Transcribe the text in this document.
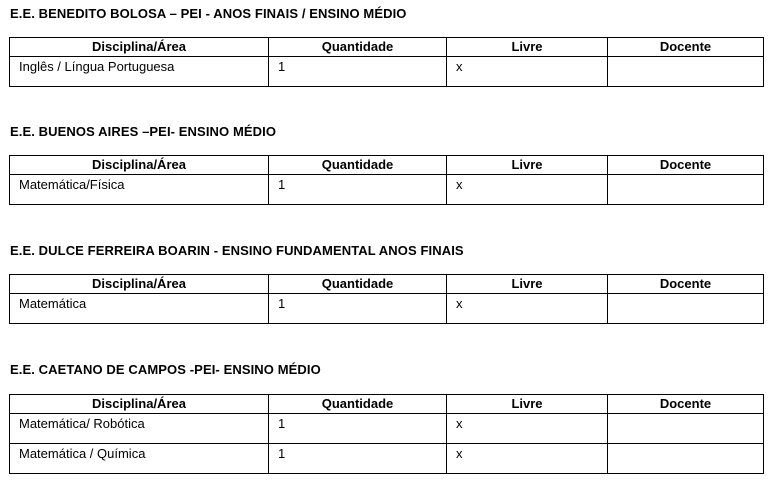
E.E. BENEDITO BOLOSA – PEI - ANOS FINAIS / ENSINO MÉDIO
Disciplina/Área	Quantidade	Livre	Docente
Inglês / Língua Portuguesa	1	x	
E.E. BUENOS AIRES –PEI- ENSINO MÉDIO
Disciplina/Área	Quantidade	Livre	Docente
Matemática/Física	1	x	
E.E. DULCE FERREIRA BOARIN - ENSINO FUNDAMENTAL ANOS FINAIS
Disciplina/Área	Quantidade	Livre	Docente
Matemática	1	x	
E.E. CAETANO DE CAMPOS -PEI- ENSINO MÉDIO
Disciplina/Área	Quantidade	Livre	Docente
Matemática/ Robótica	1	x	
Matemática / Química	1	x	
